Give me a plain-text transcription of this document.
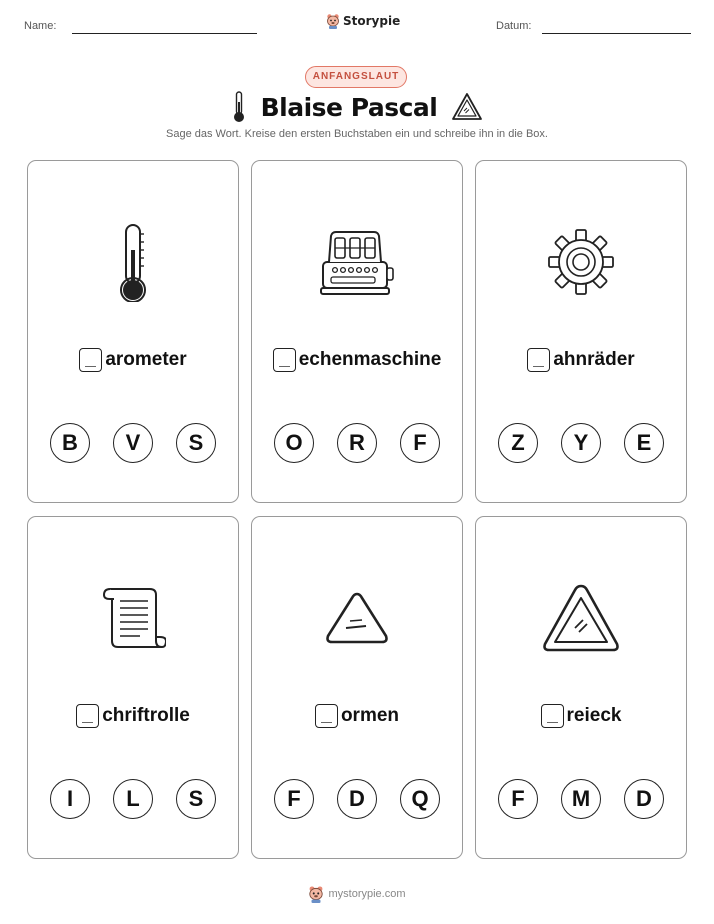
Name:	Storypie	Datum:
ANFANGSLAUT
Blaise Pascal
Sage das Wort. Kreise den ersten Buchstaben ein und schreibe ihn in die Box.
arometer
B	V	S
echenmaschine
O	R	F
ahnräder
Z	Y	E
chriftrolle
I	L	S
ormen
F	D	Q
reieck
F	M	D
mystorypie.com
